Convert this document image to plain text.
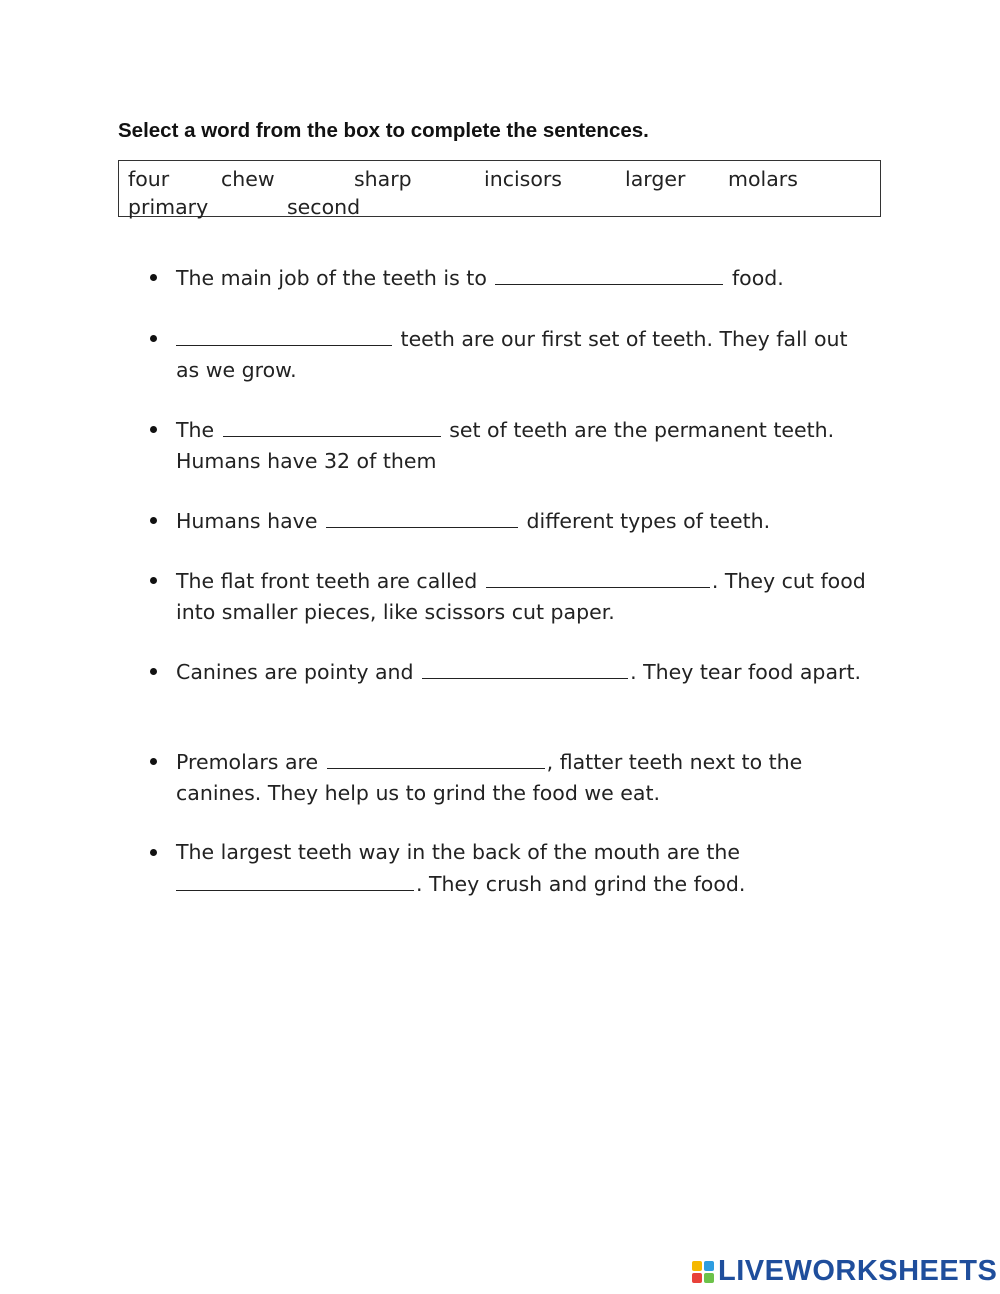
Select a word from the box to complete the sentences.
four	chew	sharp	incisors	larger molars
primary	second
The main job of the teeth is to	food.
teeth are our first set of teeth. They fall out as we grow.
The	set of teeth are the permanent teeth. Humans have 32 of them
Humans have	different types of teeth.
The flat front teeth are called	. They cut food into smaller pieces, like scissors cut paper.
Canines are pointy and	. They tear food apart.
Premolars are	, flatter teeth next to the canines. They help us to grind the food we eat.
The largest teeth way in the back of the mouth are the
. They crush and grind the food.
LIVEWORKSHEETS
